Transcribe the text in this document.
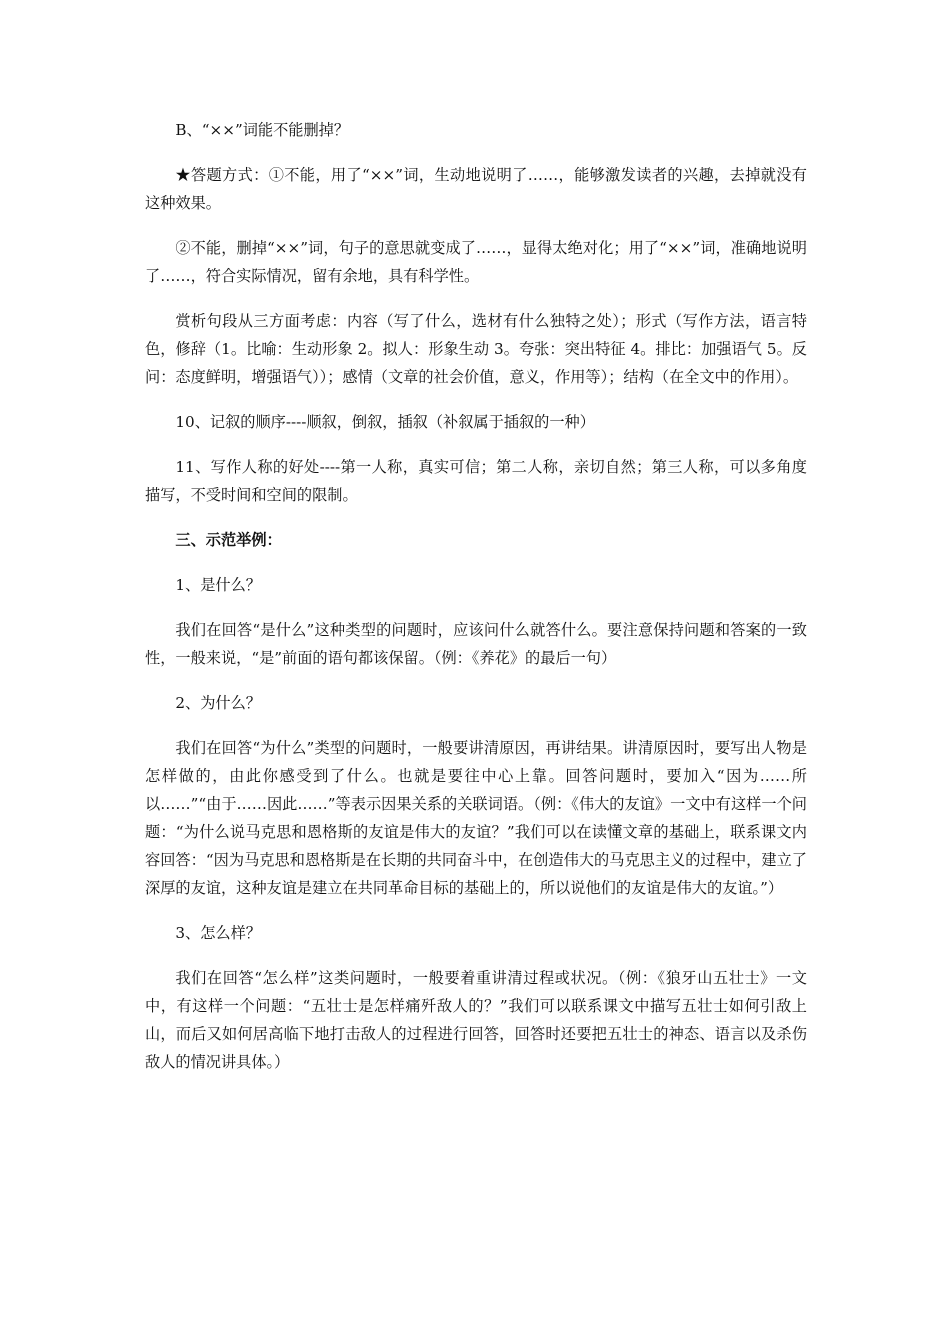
B、“××”词能不能删掉？

★答题方式：①不能，用了“××”词，生动地说明了……，能够激发读者的兴趣，去掉就没有这种效果。

②不能，删掉“××”词，句子的意思就变成了……，显得太绝对化；用了“××”词，准确地说明了……，符合实际情况，留有余地，具有科学性。

赏析句段从三方面考虑：内容（写了什么，选材有什么独特之处）；形式（写作方法，语言特色，修辞（1。比喻：生动形象 2。拟人：形象生动 3。夸张：突出特征 4。排比：加强语气 5。反问：态度鲜明，增强语气））；感情（文章的社会价值，意义，作用等）；结构（在全文中的作用）。

10、记叙的顺序----顺叙，倒叙，插叙（补叙属于插叙的一种）

11、写作人称的好处----第一人称，真实可信；第二人称，亲切自然；第三人称，可以多角度描写，不受时间和空间的限制。

三、示范举例：

1、是什么？

我们在回答“是什么”这种类型的问题时，应该问什么就答什么。要注意保持问题和答案的一致性，一般来说，“是”前面的语句都该保留。（例：《养花》的最后一句）

2、为什么？

我们在回答“为什么”类型的问题时，一般要讲清原因，再讲结果。讲清原因时，要写出人物是怎样做的，由此你感受到了什么。也就是要往中心上靠。回答问题时，要加入“因为……所以……”“由于……因此……”等表示因果关系的关联词语。（例：《伟大的友谊》一文中有这样一个问题：“为什么说马克思和恩格斯的友谊是伟大的友谊？”我们可以在读懂文章的基础上，联系课文内容回答：“因为马克思和恩格斯是在长期的共同奋斗中，在创造伟大的马克思主义的过程中，建立了深厚的友谊，这种友谊是建立在共同革命目标的基础上的，所以说他们的友谊是伟大的友谊。”）

3、怎么样？

我们在回答“怎么样”这类问题时，一般要着重讲清过程或状况。（例：《狼牙山五壮士》一文中，有这样一个问题：“五壮士是怎样痛歼敌人的？”我们可以联系课文中描写五壮士如何引敌上山，而后又如何居高临下地打击敌人的过程进行回答，回答时还要把五壮士的神态、语言以及杀伤敌人的情况讲具体。）
